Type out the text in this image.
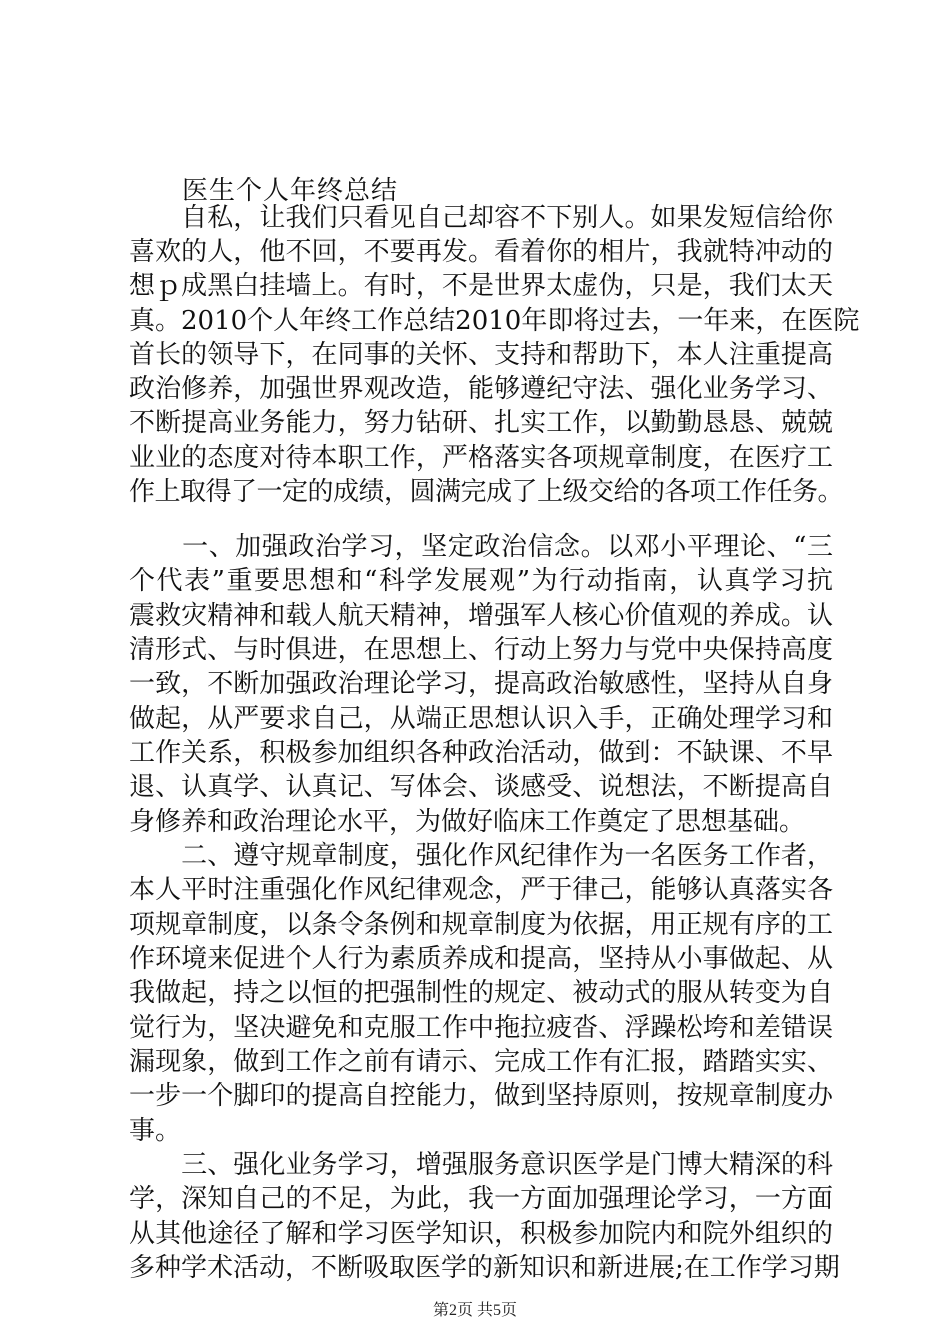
医生个人年终总结
　　自私，让我们只看见自己却容不下别人。如果发短信给你
喜欢的人，他不回，不要再发。看着你的相片，我就特冲动的
想ｐ成黑白挂墙上。有时，不是世界太虚伪，只是，我们太天
真。2010个人年终工作总结2010年即将过去，一年来，在医院
首长的领导下，在同事的关怀、支持和帮助下，本人注重提高
政治修养，加强世界观改造，能够遵纪守法、强化业务学习、
不断提高业务能力，努力钻研、扎实工作，以勤勤恳恳、兢兢
业业的态度对待本职工作，严格落实各项规章制度，在医疗工
作上取得了一定的成绩，圆满完成了上级交给的各项工作任务。
　　一、加强政治学习，坚定政治信念。以邓小平理论、“三
个代表”重要思想和“科学发展观”为行动指南，认真学习抗
震救灾精神和载人航天精神，增强军人核心价值观的养成。认
清形式、与时俱进，在思想上、行动上努力与党中央保持高度
一致，不断加强政治理论学习，提高政治敏感性，坚持从自身
做起，从严要求自己，从端正思想认识入手，正确处理学习和
工作关系，积极参加组织各种政治活动，做到：不缺课、不早
退、认真学、认真记、写体会、谈感受、说想法，不断提高自
身修养和政治理论水平，为做好临床工作奠定了思想基础。
　　二、遵守规章制度，强化作风纪律作为一名医务工作者，
本人平时注重强化作风纪律观念，严于律己，能够认真落实各
项规章制度，以条令条例和规章制度为依据，用正规有序的工
作环境来促进个人行为素质养成和提高，坚持从小事做起、从
我做起，持之以恒的把强制性的规定、被动式的服从转变为自
觉行为，坚决避免和克服工作中拖拉疲沓、浮躁松垮和差错误
漏现象，做到工作之前有请示、完成工作有汇报，踏踏实实、
一步一个脚印的提高自控能力，做到坚持原则，按规章制度办
事。
　　三、强化业务学习，增强服务意识医学是门博大精深的科
学，深知自己的不足，为此，我一方面加强理论学习，一方面
从其他途径了解和学习医学知识，积极参加院内和院外组织的
多种学术活动，不断吸取医学的新知识和新进展;在工作学习期
第2页 共5页
